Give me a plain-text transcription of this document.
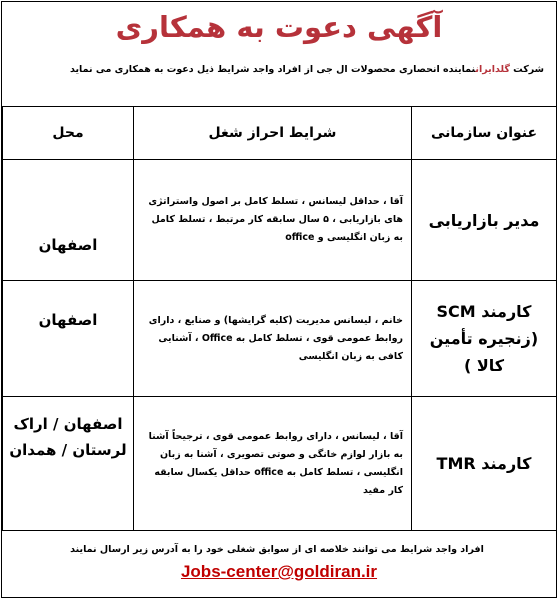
آگهی دعوت به همکاری
شرکت گلدایراننماینده انحصاری محصولات ال جی از افراد واجد شرایط ذیل دعوت به همکاری می نماید
عنوان سازمانی	شرایط احراز شغل	محل
مدیر بازاریابی	آقا ، حداقل لیسانس ، تسلط کامل بر اصول واستراتژی های بازاریابی ، ۵ سال سابقه کار مرتبط ، تسلط کامل به زبان انگلیسی و office	اصفهان
کارمند SCM (زنجیره تأمین کالا )	خانم ، لیسانس مدیریت (کلیه گرایشها) و صنایع ، دارای روابط عمومی قوی ، تسلط کامل به Office ، آشنایی کافی به زبان انگلیسی	اصفهان
کارمند TMR	آقا ، لیسانس ، دارای روابط عمومی قوی ، ترجیحاً آشنا به بازار لوازم خانگی و صوتی تصویری ، آشنا به زبان انگلیسی ، تسلط کامل به office حداقل یکسال سابقه کار مفید	اصفهان / اراک لرستان / همدان
افراد واجد شرایط می توانند خلاصه ای از سوابق شغلی خود را به آدرس زیر ارسال نمایند
Jobs-center@goldiran.ir
